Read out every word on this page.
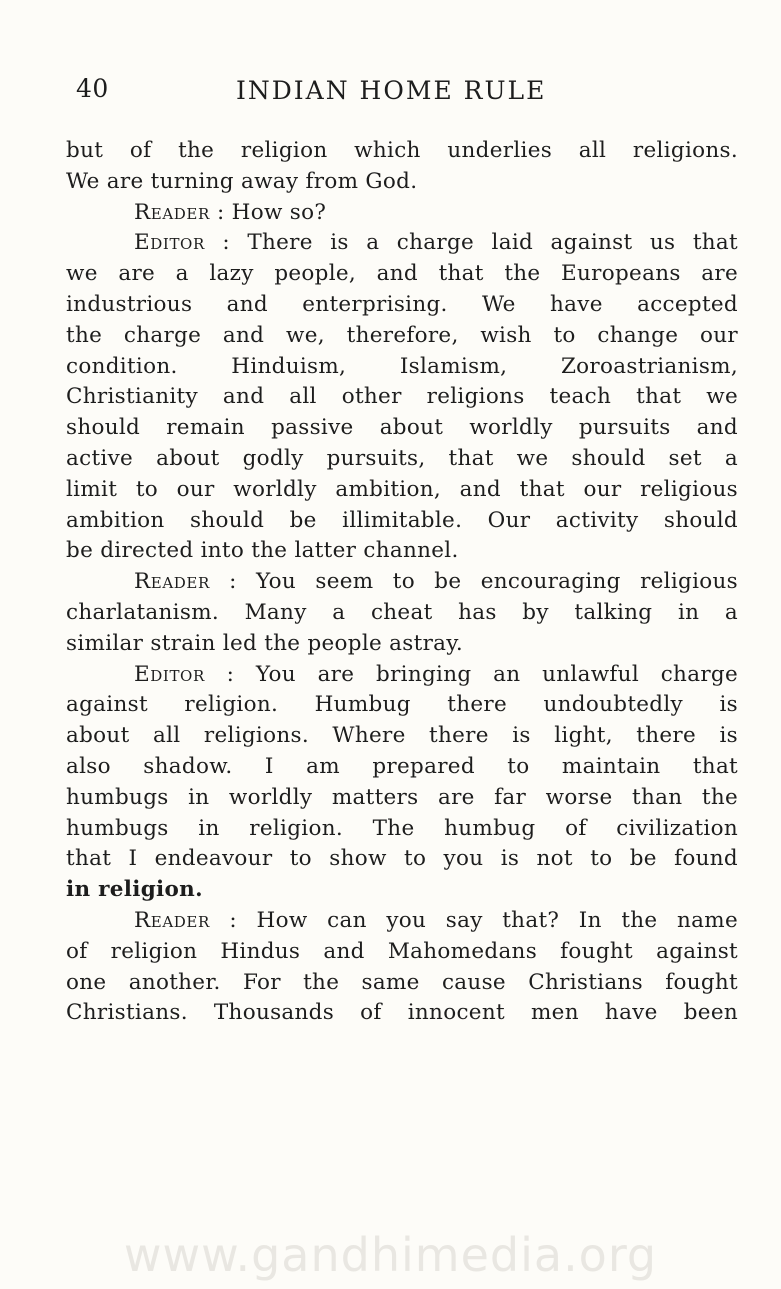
40	INDIAN HOME RULE
but of the religion which underlies all religions.
We are turning away from God.
Reader : How so?
Editor : There is a charge laid against us that
we are a lazy people, and that the Europeans are
industrious and enterprising. We have accepted
the charge and we, therefore, wish to change our
condition. Hinduism, Islamism, Zoroastrianism,
Christianity and all other religions teach that we
should remain passive about worldly pursuits and
active about godly pursuits, that we should set a
limit to our worldly ambition, and that our religious
ambition should be illimitable. Our activity should
be directed into the latter channel.
Reader : You seem to be encouraging religious
charlatanism. Many a cheat has by talking in a
similar strain led the people astray.
Editor : You are bringing an unlawful charge
against religion. Humbug there undoubtedly is
about all religions. Where there is light, there is
also shadow. I am prepared to maintain that
humbugs in worldly matters are far worse than the
humbugs in religion. The humbug of civilization
that I endeavour to show to you is not to be found
in religion.
Reader : How can you say that? In the name
of religion Hindus and Mahomedans fought against
one another. For the same cause Christians fought
Christians. Thousands of innocent men have been
www.gandhimedia.org
